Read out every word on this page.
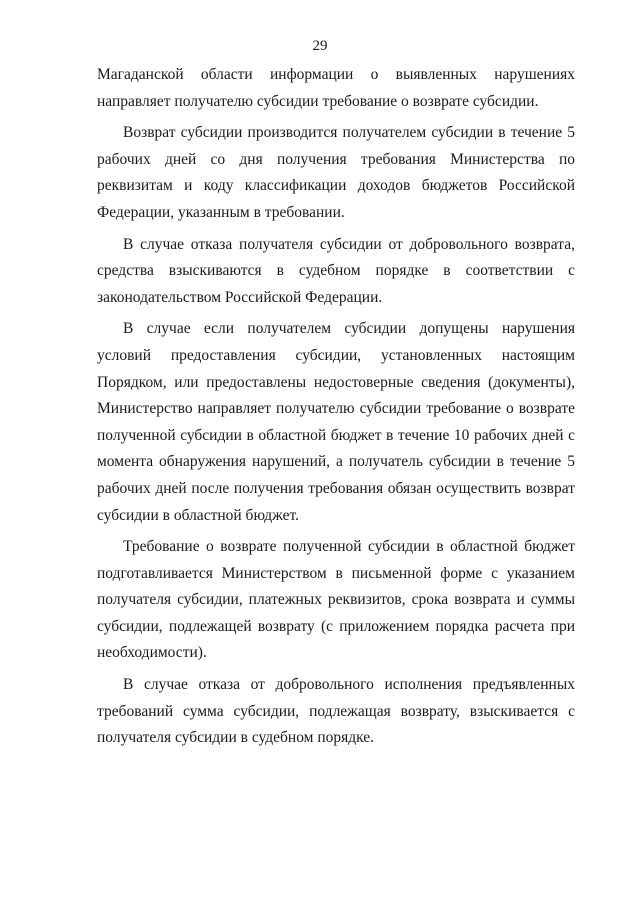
29

Магаданской области информации о выявленных нарушениях направляет получателю субсидии требование о возврате субсидии.

Возврат субсидии производится получателем субсидии в течение 5 рабочих дней со дня получения требования Министерства по реквизитам и коду классификации доходов бюджетов Российской Федерации, указанным в требовании.

В случае отказа получателя субсидии от добровольного возврата, средства взыскиваются в судебном порядке в соответствии с законодательством Российской Федерации.

В случае если получателем субсидии допущены нарушения условий предоставления субсидии, установленных настоящим Порядком, или предоставлены недостоверные сведения (документы), Министерство направляет получателю субсидии требование о возврате полученной субсидии в областной бюджет в течение 10 рабочих дней с момента обнаружения нарушений, а получатель субсидии в течение 5 рабочих дней после получения требования обязан осуществить возврат субсидии в областной бюджет.

Требование о возврате полученной субсидии в областной бюджет подготавливается Министерством в письменной форме с указанием получателя субсидии, платежных реквизитов, срока возврата и суммы субсидии, подлежащей возврату (с приложением порядка расчета при необходимости).

В случае отказа от добровольного исполнения предъявленных требований сумма субсидии, подлежащая возврату, взыскивается с получателя субсидии в судебном порядке.
